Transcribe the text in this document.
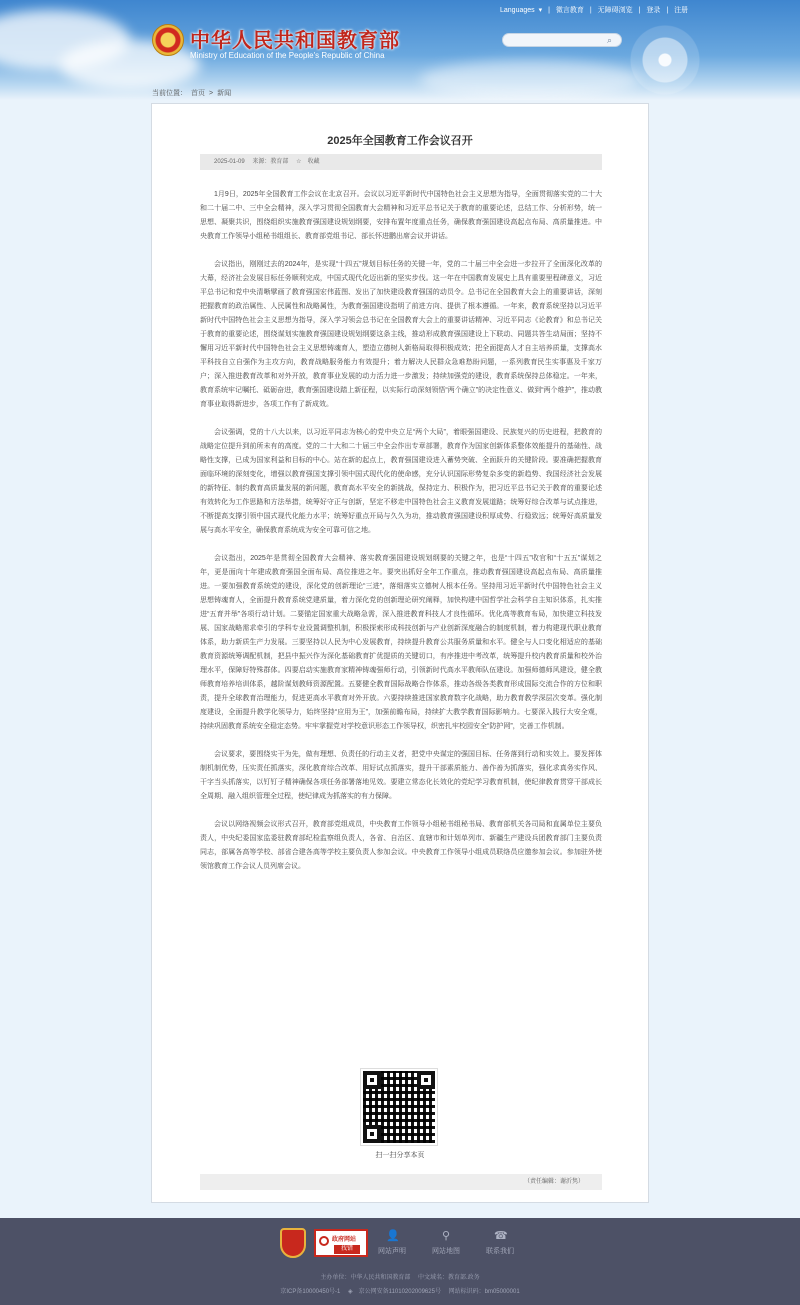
中华人民共和国教育部
Ministry of Education of the People's Republic of China
Languages ▾ | 微言教育 | 无障碍浏览 | 登录 | 注册
⌕
当前位置： 首页 > 新闻
2025年全国教育工作会议召开
2025-01-09 来源：教育部 ☆ 收藏

1月9日，2025年全国教育工作会议在北京召开。会议以习近平新时代中国特色社会主义思想为指导，全面贯彻落实党的二十大和二十届二中、三中全会精神，深入学习贯彻全国教育大会精神和习近平总书记关于教育的重要论述，总结工作、分析形势，统一思想、凝聚共识，围绕组织实施教育强国建设规划纲要，安排布置年度重点任务，确保教育强国建设高起点布局、高质量推进。中央教育工作领导小组秘书组组长、教育部党组书记、部长怀进鹏出席会议并讲话。

会议指出，刚刚过去的2024年，是实现“十四五”规划目标任务的关键一年，党的二十届三中全会进一步拉开了全面深化改革的大幕，经济社会发展目标任务顺利完成，中国式现代化迈出新的坚实步伐。这一年在中国教育发展史上具有重要里程碑意义，习近平总书记和党中央清晰擘画了教育强国宏伟蓝图、发出了加快建设教育强国的动员令。总书记在全国教育大会上的重要讲话，深刻把握教育的政治属性、人民属性和战略属性，为教育强国建设指明了前进方向、提供了根本遵循。一年来，教育系统坚持以习近平新时代中国特色社会主义思想为指导，深入学习领会总书记在全国教育大会上的重要讲话精神、习近平同志《论教育》和总书记关于教育的重要论述，围绕谋划实施教育强国建设规划纲要这条主线，推动形成教育强国建设上下联动、同题共答生动局面；坚持不懈用习近平新时代中国特色社会主义思想铸魂育人，塑造立德树人新格局取得积极成效；把全面提高人才自主培养质量，支撑高水平科技自立自强作为主攻方向，教育战略服务能力有效提升；着力解决人民群众急难愁盼问题，一系列教育民生实事惠及千家万户；深入推进教育改革和对外开放，教育事业发展的动力活力进一步激发；持续加强党的建设，教育系统保持总体稳定。一年来，教育系统牢记嘱托、砥砺奋进，教育强国建设踏上新征程，以实际行动深刻领悟“两个确立”的决定性意义、做到“两个维护”，推动教育事业取得新进步，各项工作有了新成效。

会议强调，党的十八大以来，以习近平同志为核心的党中央立足“两个大局”，着眼强国建设、民族复兴的历史进程，把教育的战略定位提升到前所未有的高度。党的二十大和二十届三中全会作出专章部署，教育作为国家创新体系整体效能提升的基础性、战略性支撑，已成为国家利益和目标的中心。站在新的起点上，教育强国建设进入蓄势突破、全面跃升的关键阶段。要准确把握教育面临环境的深刻变化，增强以教育强国支撑引领中国式现代化的使命感，充分认识国际形势复杂多变的新趋势、我国经济社会发展的新特征、制约教育高质量发展的新问题，教育高水平安全的新挑战，保持定力、积极作为，把习近平总书记关于教育的重要论述有效转化为工作思路和方法举措，统筹好守正与创新，坚定不移走中国特色社会主义教育发展道路；统筹好综合改革与试点推进，不断提高支撑引领中国式现代化能力水平；统筹好重点开局与久久为功，推动教育强国建设积厚成势、行稳致远；统筹好高质量发展与高水平安全，确保教育系统成为安全可靠可信之地。

会议指出，2025年是贯彻全国教育大会精神、落实教育强国建设规划纲要的关键之年，也是“十四五”收官和“十五五”谋划之年，更是面向十年建成教育强国全面布局、高位推进之年。要突出抓好全年工作重点，推动教育强国建设高起点布局、高质量推进。一要加强教育系统党的建设，深化党的创新理论“三进”，落细落实立德树人根本任务。坚持用习近平新时代中国特色社会主义思想铸魂育人，全面提升教育系统党建质量，着力深化党的创新理论研究阐释，加快构建中国哲学社会科学自主知识体系，扎实推进“五育并举”各项行动计划。二要锚定国家重大战略急需，深入推进教育科技人才良性循环。优化高等教育布局，加快建立科技发展、国家战略需求牵引的学科专业设置调整机制，积极探索形成科技创新与产业创新深度融合的制度机制，着力构建现代职业教育体系，助力新质生产力发展。三要坚持以人民为中心发展教育，持续提升教育公共服务质量和水平。健全与人口变化相适应的基础教育资源统筹调配机制，把县中振兴作为深化基础教育扩优提质的关键切口，有序推进中考改革，统筹提升校内教育质量和校外治理水平，保障好特殊群体。四要启动实施教育家精神铸魂强师行动，引领新时代高水平教师队伍建设。加强师德师风建设，健全教师教育培养培训体系，越阶谋划教师资源配置。五要健全教育国际战略合作体系，推动各级各类教育形成国际交流合作的方位和职责，提升全球教育治理能力，促进更高水平教育对外开放。六要持续推进国家教育数字化战略，助力教育教学深层次变革。强化制度建设，全面提升教学化领导力，始终坚持“应用为王”，加强前瞻布局，持续扩大教学教育国际影响力。七要深入践行大安全观，持续巩固教育系统安全稳定态势。牢牢掌握党对学校意识形态工作领导权，织密扎牢校园安全“防护网”，完善工作机制。

会议要求，要围绕实干为先，做有理想、负责任的行动主义者，把党中央谋定的强国目标、任务落到行动和实效上。要发挥体制机制优势，压实责任抓落实，深化教育综合改革、用好试点抓落实，提升干部素质能力、善作善为抓落实，强化求真务实作风、干字当头抓落实，以钉钉子精神确保各项任务部署落地见效。要建立常态化长效化的党纪学习教育机制，使纪律教育贯穿干部成长全周期、融入组织管理全过程，使纪律成为抓落实的有力保障。

会议以网络视频会议形式召开，教育部党组成员，中央教育工作领导小组秘书组秘书局、教育部机关各司局和直属单位主要负责人，中央纪委国家监委驻教育部纪检监察组负责人，各省、自治区、直辖市和计划单列市、新疆生产建设兵团教育部门主要负责同志，部属各高等学校、部省合建各高等学校主要负责人参加会议。中央教育工作领导小组成员联络员应邀参加会议。参加驻外使领馆教育工作会议人员列席会议。

扫一扫分享本页
（责任编辑：谢沂隽）
政府网站
找错
👤
网站声明
⚲
网站地图
☎
联系我们
主办单位：中华人民共和国教育部 中文域名：教育部.政务
京ICP备10000450号-1 ◈ 京公网安备11010202009625号 网站标识码：bm05000001
